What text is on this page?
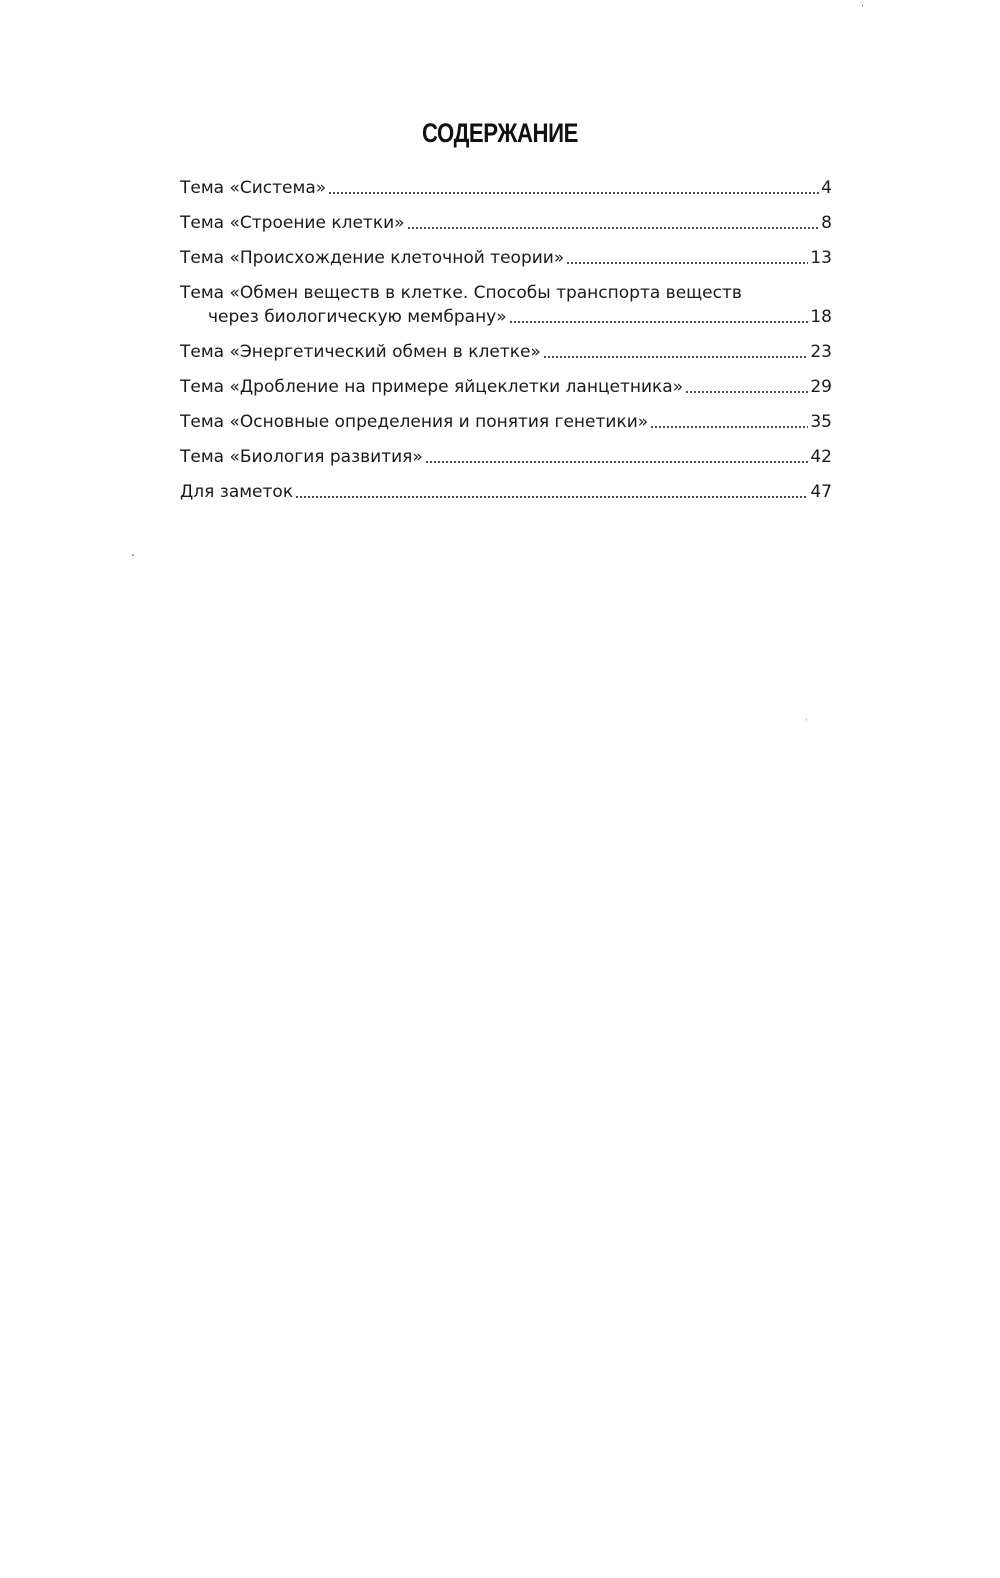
СОДЕРЖАНИЕ
Тема «Система»	4
Тема «Строение клетки»	8
Тема «Происхождение клеточной теории»	13
Тема «Обмен веществ в клетке. Способы транспорта веществ
через биологическую мембрану»	18
Тема «Энергетический обмен в клетке»	23
Тема «Дробление на примере яйцеклетки ланцетника»	29
Тема «Основные определения и понятия генетики»	35
Тема «Биология развития»	42
Для заметок	47
